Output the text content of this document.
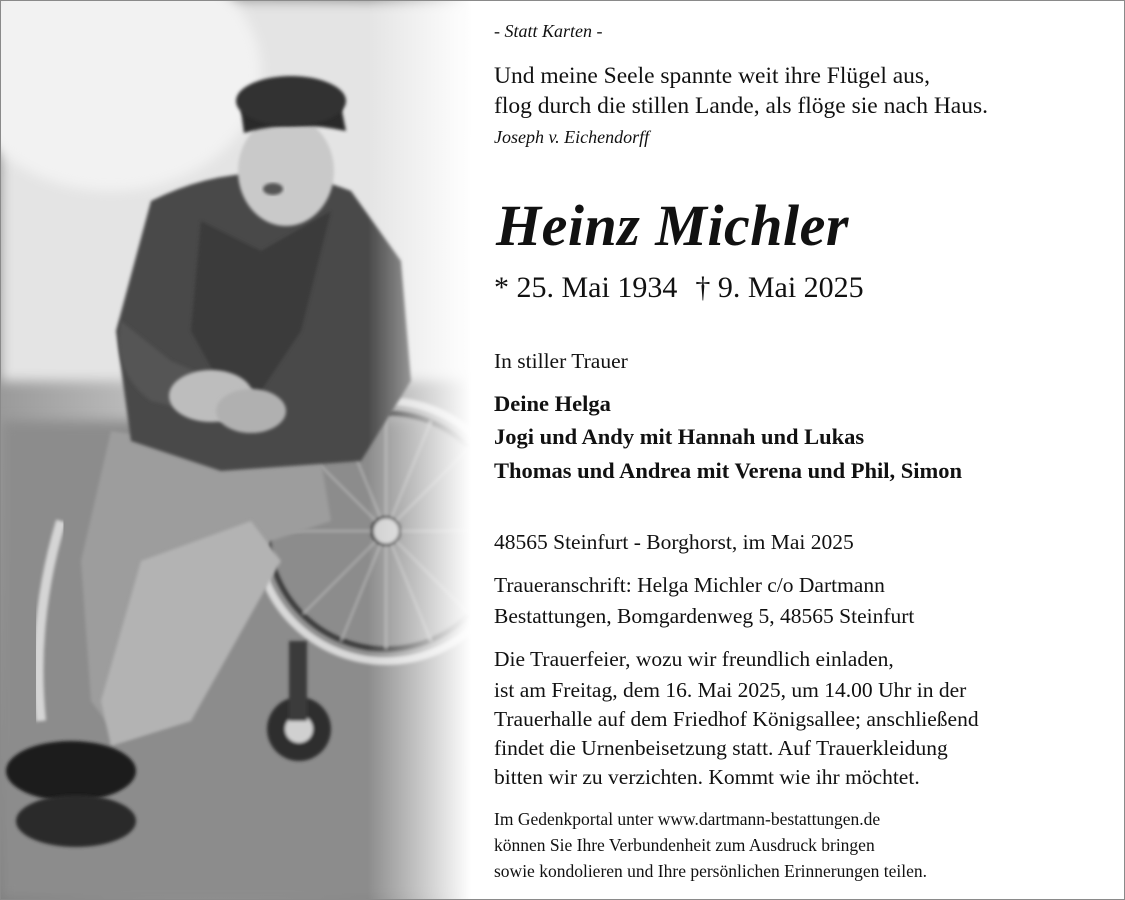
- Statt Karten -
Und meine Seele spannte weit ihre Flügel aus,
flog durch die stillen Lande, als flöge sie nach Haus.
Joseph v. Eichendorff
Heinz Michler
* 25. Mai 1934 † 9. Mai 2025
In stiller Trauer
Deine Helga
Jogi und Andy mit Hannah und Lukas
Thomas und Andrea mit Verena und Phil, Simon
48565 Steinfurt - Borghorst, im Mai 2025
Traueranschrift: Helga Michler c/o Dartmann
Bestattungen, Bomgardenweg 5, 48565 Steinfurt
Die Trauerfeier, wozu wir freundlich einladen,
ist am Freitag, dem 16. Mai 2025, um 14.00 Uhr in der
Trauerhalle auf dem Friedhof Königsallee; anschließend
findet die Urnenbeisetzung statt. Auf Trauerkleidung
bitten wir zu verzichten. Kommt wie ihr möchtet.
Im Gedenkportal unter www.dartmann-bestattungen.de
können Sie Ihre Verbundenheit zum Ausdruck bringen
sowie kondolieren und Ihre persönlichen Erinnerungen teilen.
